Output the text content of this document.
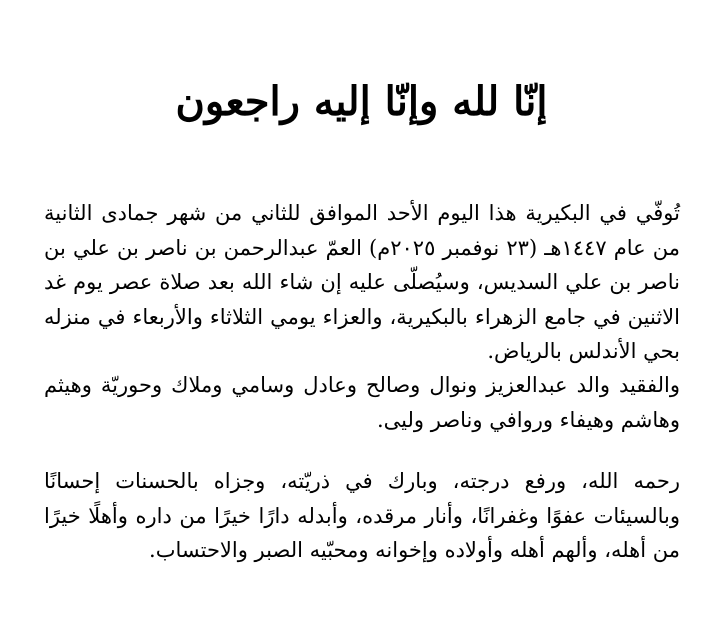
إنّا لله وإنّا إليه راجعون
تُوفّي في البكيرية هذا اليوم الأحد الموافق للثاني من شهر جمادى الثانية من عام ١٤٤٧هـ (٢٣ نوفمبر ٢٠٢٥م) العمّ عبدالرحمن بن ناصر بن علي بن ناصر بن علي السديس، وسيُصلّى عليه إن شاء الله بعد صلاة عصر يوم غد الاثنين في جامع الزهراء بالبكيرية، والعزاء يومي الثلاثاء والأربعاء في منزله بحي الأندلس بالرياض.
والفقيد والد عبدالعزيز ونوال وصالح وعادل وسامي وملاك وحوريّة وهيثم وهاشم وهيفاء وروافي وناصر وليى.
رحمه الله، ورفع درجته، وبارك في ذريّته، وجزاه بالحسنات إحسانًا وبالسيئات عفوًا وغفرانًا، وأنار مرقده، وأبدله دارًا خيرًا من داره وأهلًا خيرًا من أهله، وألهم أهله وأولاده وإخوانه ومحبّيه الصبر والاحتساب.
